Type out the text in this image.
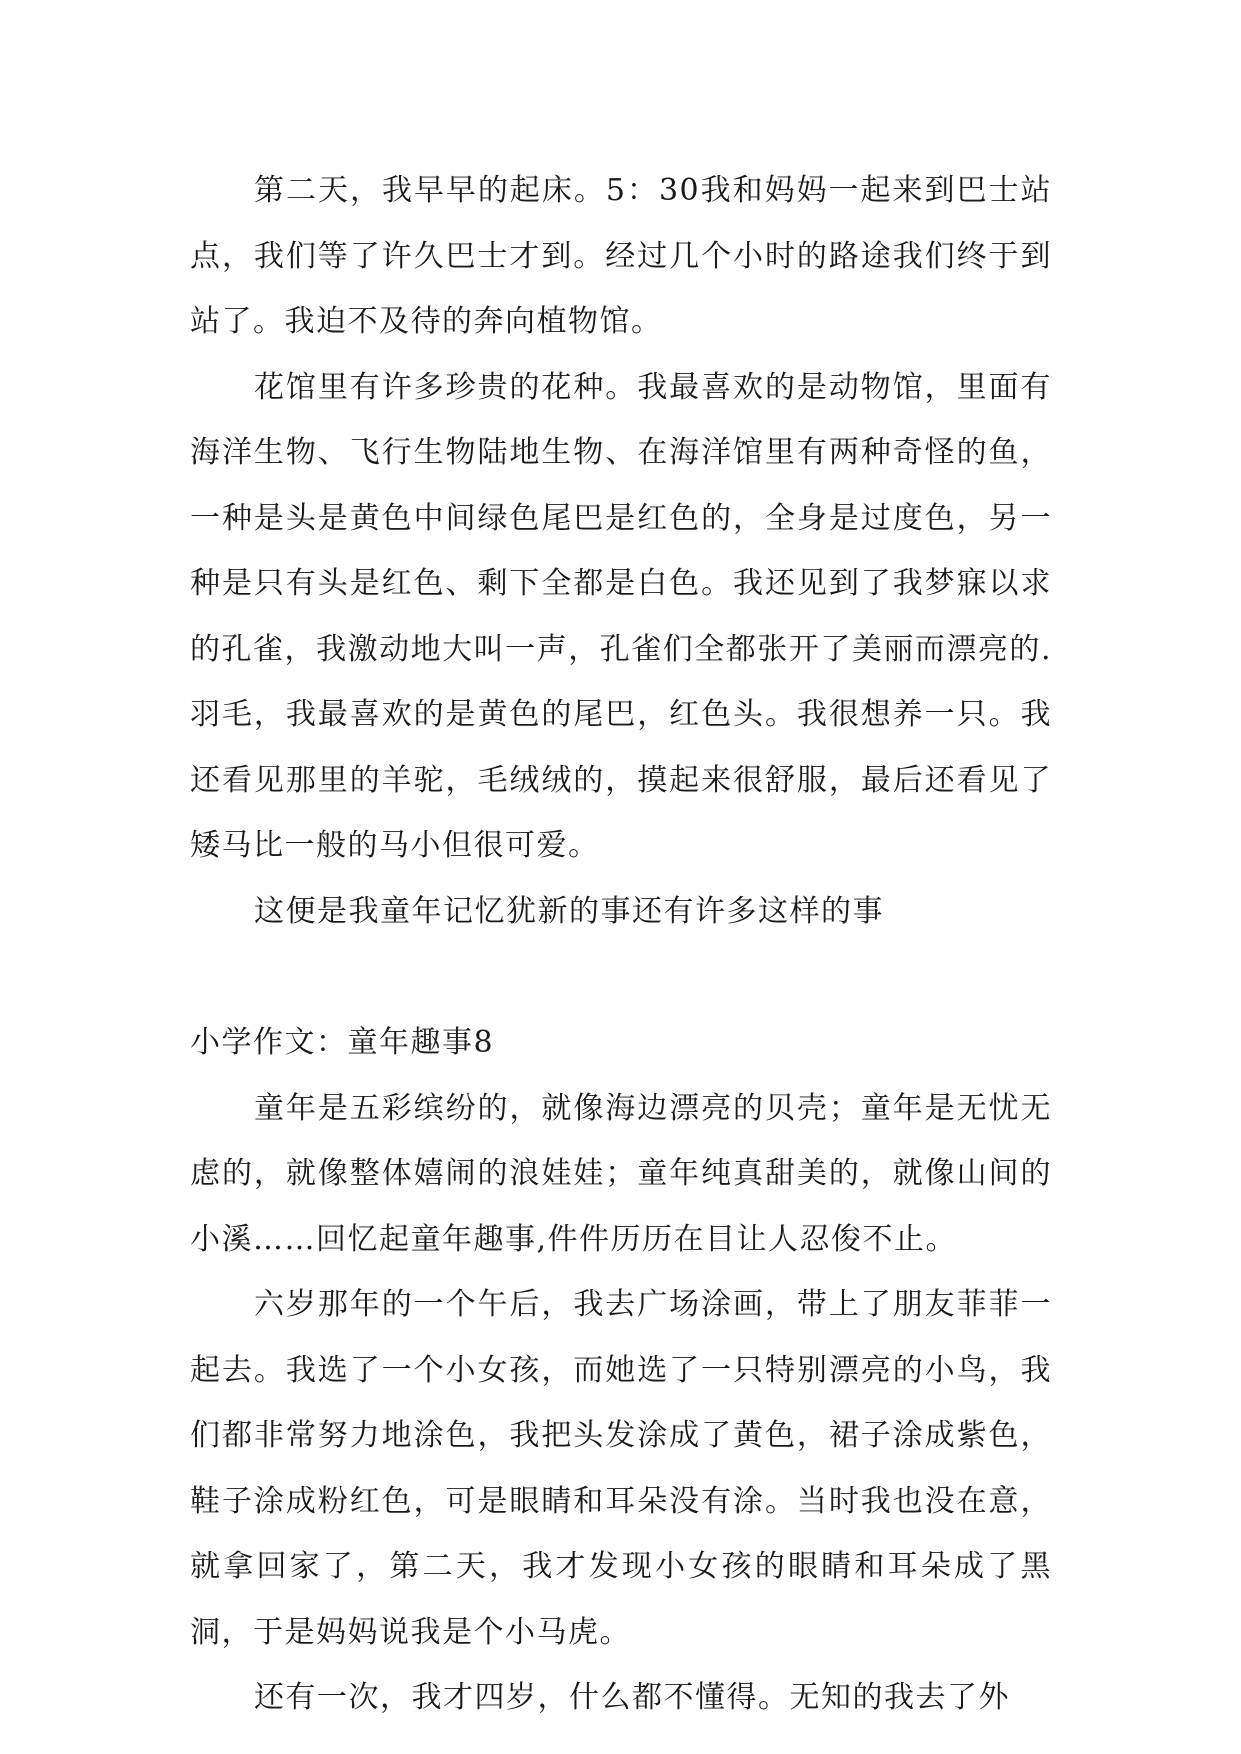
第二天，我早早的起床。5：30我和妈妈一起来到巴士站点，我们等了许久巴士才到。经过几个小时的路途我们终于到站了。我迫不及待的奔向植物馆。

花馆里有许多珍贵的花种。我最喜欢的是动物馆，里面有海洋生物、飞行生物陆地生物、在海洋馆里有两种奇怪的鱼，一种是头是黄色中间绿色尾巴是红色的，全身是过度色，另一种是只有头是红色、剩下全都是白色。我还见到了我梦寐以求的孔雀，我激动地大叫一声，孔雀们全都张开了美丽而漂亮的.羽毛，我最喜欢的是黄色的尾巴，红色头。我很想养一只。我还看见那里的羊驼，毛绒绒的，摸起来很舒服，最后还看见了矮马比一般的马小但很可爱。

这便是我童年记忆犹新的事还有许多这样的事

小学作文：童年趣事8

童年是五彩缤纷的，就像海边漂亮的贝壳；童年是无忧无虑的，就像整体嬉闹的浪娃娃；童年纯真甜美的，就像山间的小溪……回忆起童年趣事,件件历历在目让人忍俊不止。

六岁那年的一个午后，我去广场涂画，带上了朋友菲菲一起去。我选了一个小女孩，而她选了一只特别漂亮的小鸟，我们都非常努力地涂色，我把头发涂成了黄色，裙子涂成紫色，鞋子涂成粉红色，可是眼睛和耳朵没有涂。当时我也没在意，就拿回家了，第二天，我才发现小女孩的眼睛和耳朵成了黑洞，于是妈妈说我是个小马虎。

还有一次，我才四岁，什么都不懂得。无知的我去了外
